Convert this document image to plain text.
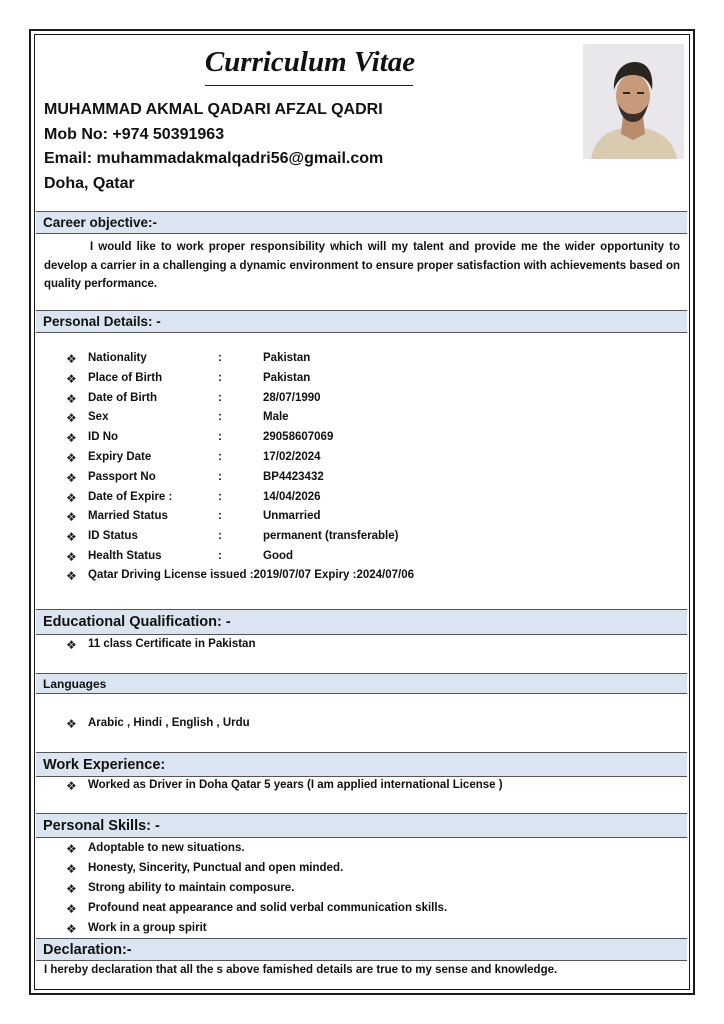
Curriculum Vitae
MUHAMMAD AKMAL QADARI AFZAL QADRI
Mob No: +974 50391963
Email: muhammadakmalqadri56@gmail.com
Doha, Qatar
Career objective:-
I would like to work proper responsibility which will my talent and provide me the wider opportunity to develop a carrier in a challenging a dynamic environment to ensure proper satisfaction with achievements based on quality performance.
Personal Details: -
❖ Nationality	:	Pakistan
❖ Place of Birth	:	Pakistan
❖ Date of Birth	:	28/07/1990
❖ Sex	:	Male
❖ ID No	:	29058607069
❖ Expiry Date	:	17/02/2024
❖ Passport No	:	BP4423432
❖ Date of Expire :	:	14/04/2026
❖ Married Status	:	Unmarried
❖ ID Status	:	permanent (transferable)
❖ Health Status	:	Good
❖ Qatar Driving License issued :2019/07/07 Expiry :2024/07/06
Educational Qualification: -
❖ 11 class Certificate in Pakistan
Languages
❖ Arabic , Hindi , English , Urdu
Work Experience:
❖ Worked as Driver in Doha Qatar 5 years (I am applied international License )
Personal Skills: -
❖ Adoptable to new situations.
❖ Honesty, Sincerity, Punctual and open minded.
❖ Strong ability to maintain composure.
❖ Profound neat appearance and solid verbal communication skills.
❖ Work in a group spirit
Declaration:-
I hereby declaration that all the s above famished details are true to my sense and knowledge.
